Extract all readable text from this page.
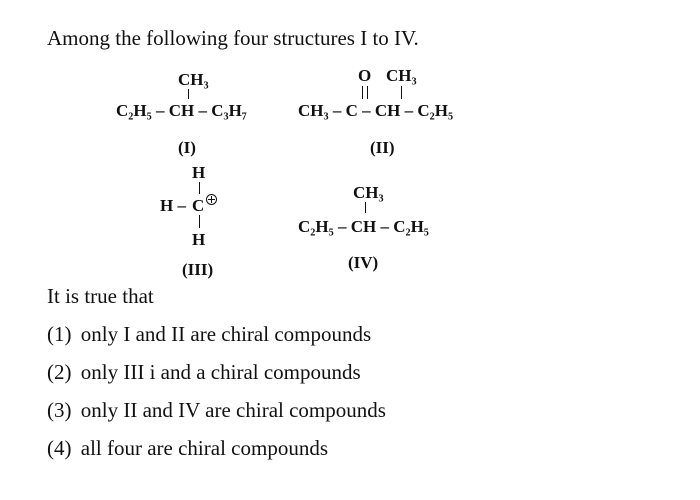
Among the following four structures I to IV.
CH₃
C₂H₅ – CH – C₃H₇
(I)
O CH₃
CH₃ – C – CH – C₂H₅
(II)
H
H – C
H
(III)
CH₃
C₂H₅ – CH – C₂H₅
(IV)
It is true that
(1) only I and II are chiral compounds
(2) only III i and a chiral compounds
(3) only II and IV are chiral compounds
(4) all four are chiral compounds
